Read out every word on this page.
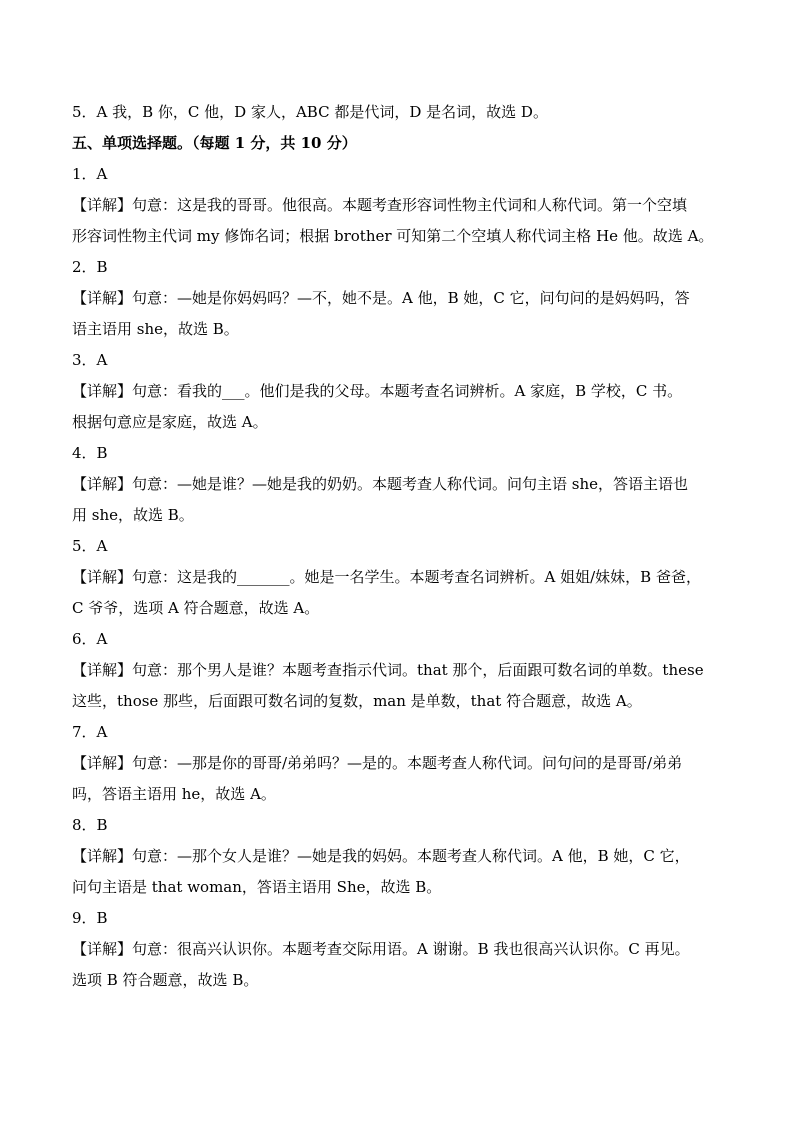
5．A 我，B 你，C 他，D 家人，ABC 都是代词，D 是名词，故选 D。
五、单项选择题。（每题 1 分，共 10 分）
1．A
【详解】句意：这是我的哥哥。他很高。本题考查形容词性物主代词和人称代词。第一个空填
形容词性物主代词 my 修饰名词；根据 brother 可知第二个空填人称代词主格 He 他。故选 A。
2．B
【详解】句意：—她是你妈妈吗？—不，她不是。A 他，B 她，C 它，问句问的是妈妈吗，答
语主语用 she，故选 B。
3．A
【详解】句意：看我的___。他们是我的父母。本题考查名词辨析。A 家庭，B 学校，C 书。
根据句意应是家庭，故选 A。
4．B
【详解】句意：—她是谁？—她是我的奶奶。本题考查人称代词。问句主语 she，答语主语也
用 she，故选 B。
5．A
【详解】句意：这是我的_______。她是一名学生。本题考查名词辨析。A 姐姐/妹妹，B 爸爸，
C 爷爷，选项 A 符合题意，故选 A。
6．A
【详解】句意：那个男人是谁？本题考查指示代词。that 那个，后面跟可数名词的单数。these
这些，those 那些，后面跟可数名词的复数，man 是单数，that 符合题意，故选 A。
7．A
【详解】句意：—那是你的哥哥/弟弟吗？—是的。本题考查人称代词。问句问的是哥哥/弟弟
吗，答语主语用 he，故选 A。
8．B
【详解】句意：—那个女人是谁？—她是我的妈妈。本题考查人称代词。A 他，B 她，C 它，
问句主语是 that woman，答语主语用 She，故选 B。
9．B
【详解】句意：很高兴认识你。本题考查交际用语。A 谢谢。B 我也很高兴认识你。C 再见。
选项 B 符合题意，故选 B。
